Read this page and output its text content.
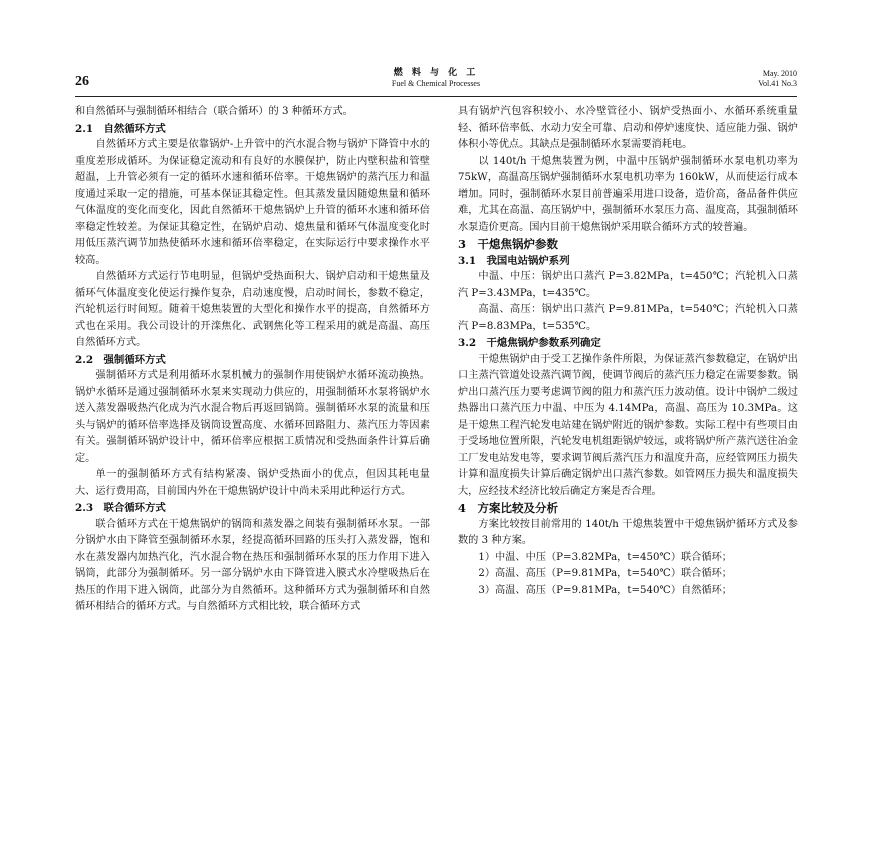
26
燃 料 与 化 工
Fuel & Chemical Processes
May. 2010
Vol.41 No.3

和自然循环与强制循环相结合（联合循环）的 3 种循环方式。

2.1　自然循环方式

自然循环方式主要是依靠锅炉-上升管中的汽水混合物与锅炉下降管中水的重度差形成循环。为保证稳定流动和有良好的水膜保护，防止内壁积盐和管壁超温，上升管必须有一定的循环水速和循环倍率。干熄焦锅炉的蒸汽压力和温度通过采取一定的措施，可基本保证其稳定性。但其蒸发量因随熄焦量和循环气体温度的变化而变化，因此自然循环干熄焦锅炉上升管的循环水速和循环倍率稳定性较差。为保证其稳定性，在锅炉启动、熄焦量和循环气体温度变化时用低压蒸汽调节加热使循环水速和循环倍率稳定，在实际运行中要求操作水平较高。

自然循环方式运行节电明显，但锅炉受热面积大、锅炉启动和干熄焦量及循环气体温度变化使运行操作复杂，启动速度慢，启动时间长，参数不稳定，汽轮机运行时间短。随着干熄焦装置的大型化和操作水平的提高，自然循环方式也在采用。我公司设计的开滦焦化、武钢焦化等工程采用的就是高温、高压自然循环方式。

2.2　强制循环方式

强制循环方式是利用循环水泵机械力的强制作用使锅炉水循环流动换热。锅炉水循环是通过强制循环水泵来实现动力供应的，用强制循环水泵将锅炉水送入蒸发器吸热汽化成为汽水混合物后再返回锅筒。强制循环水泵的流量和压头与锅炉的循环倍率选择及锅筒设置高度、水循环回路阻力、蒸汽压力等因素有关。强制循环锅炉设计中，循环倍率应根据工质情况和受热面条件计算后确定。

单一的强制循环方式有结构紧凑、锅炉受热面小的优点，但因其耗电量大、运行费用高，目前国内外在干熄焦锅炉设计中尚未采用此种运行方式。

2.3　联合循环方式

联合循环方式在干熄焦锅炉的锅筒和蒸发器之间装有强制循环水泵。一部分锅炉水由下降管至强制循环水泵，经提高循环回路的压头打入蒸发器，饱和水在蒸发器内加热汽化，汽水混合物在热压和强制循环水泵的压力作用下进入锅筒，此部分为强制循环。另一部分锅炉水由下降管进入膜式水冷壁吸热后在热压的作用下进入锅筒，此部分为自然循环。这种循环方式为强制循环和自然循环相结合的循环方式。与自然循环方式相比较，联合循环方式

具有锅炉汽包容积较小、水冷壁管径小、锅炉受热面小、水循环系统重量轻、循环倍率低、水动力安全可靠、启动和停炉速度快、适应能力强、锅炉体积小等优点。其缺点是强制循环水泵需要消耗电。

以 140t/h 干熄焦装置为例，中温中压锅炉强制循环水泵电机功率为 75kW，高温高压锅炉强制循环水泵电机功率为 160kW，从而使运行成本增加。同时，强制循环水泵目前普遍采用进口设备，造价高，备品备件供应难，尤其在高温、高压锅炉中，强制循环水泵压力高、温度高，其强制循环水泵造价更高。国内目前干熄焦锅炉采用联合循环方式的较普遍。

3　干熄焦锅炉参数

3.1　我国电站锅炉系列

中温、中压：锅炉出口蒸汽 P=3.82MPa，t=450℃；汽轮机入口蒸汽 P=3.43MPa，t=435℃。

高温、高压：锅炉出口蒸汽 P=9.81MPa，t=540℃；汽轮机入口蒸汽 P=8.83MPa，t=535℃。

3.2　干熄焦锅炉参数系列确定

干熄焦锅炉由于受工艺操作条件所限，为保证蒸汽参数稳定，在锅炉出口主蒸汽管道处设蒸汽调节阀，使调节阀后的蒸汽压力稳定在需要参数。锅炉出口蒸汽压力要考虑调节阀的阻力和蒸汽压力波动值。设计中锅炉二级过热器出口蒸汽压力中温、中压为 4.14MPa，高温、高压为 10.3MPa。这是干熄焦工程汽轮发电站建在锅炉附近的锅炉参数。实际工程中有些项目由于受场地位置所限，汽轮发电机组距锅炉较远，或将锅炉所产蒸汽送往冶金工厂发电站发电等，要求调节阀后蒸汽压力和温度升高，应经管网压力损失计算和温度损失计算后确定锅炉出口蒸汽参数。如管网压力损失和温度损失大，应经技术经济比较后确定方案是否合理。

4　方案比较及分析

方案比较按目前常用的 140t/h 干熄焦装置中干熄焦锅炉循环方式及参数的 3 种方案。

1）中温、中压（P=3.82MPa，t=450℃）联合循环；

2）高温、高压（P=9.81MPa，t=540℃）联合循环；

3）高温、高压（P=9.81MPa，t=540℃）自然循环；
